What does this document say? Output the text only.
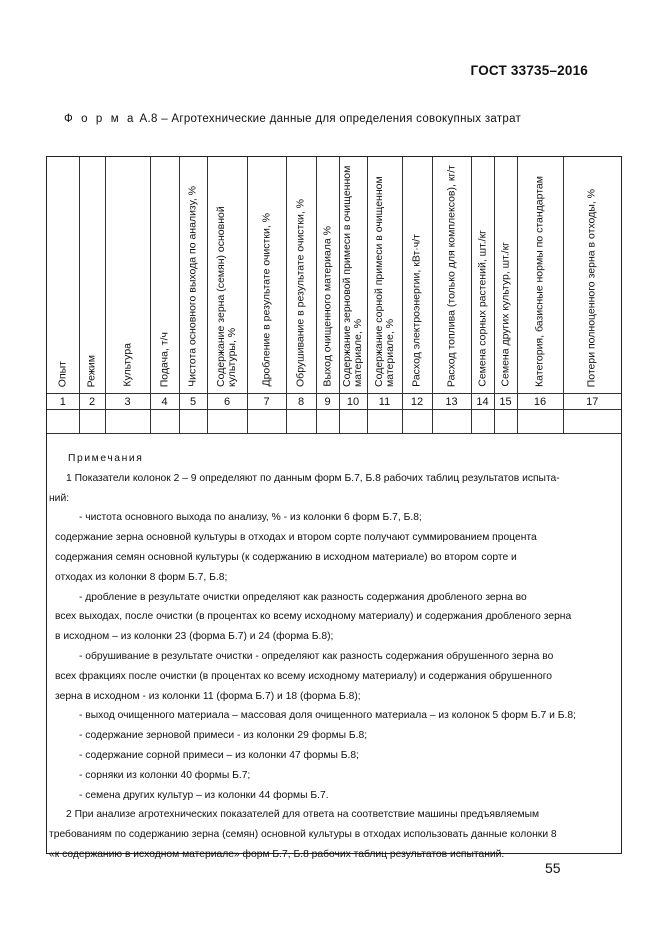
ГОСТ 33735–2016
Ф о р м а А.8 – Агротехнические данные для определения совокупных затрат
Опыт	Режим	Культура	Подача, т/ч	Чистота основного выхода по анализу, %	Содержание зерна (семян) основной культуры, %	Дробление в результате очистки, %	Обрушивание в результате очистки, %	Выход очищенного материала %	Содержание зерновой примеси в очищенном материале, %	Содержание сорной примеси в очищенном материале, %	Расход электроэнергии, кВт·ч/т	Расход топлива (только для комплексов), кг/т	Семена сорных растений, шт./кг	Семена других культур, шт./кг	Категория, базисные нормы по стандартам	Потери полноценного зерна в отходы, %

1	2	3	4	5	6	7	8	9	10	11	12	13	14	15	16	17

Примечания

1 Показатели колонок 2 – 9 определяют по данным форм Б.7, Б.8 рабочих таблиц результатов испыта-

ний:

- чистота основного выхода по анализу, % - из колонки 6 форм Б.7, Б.8;

содержание зерна основной культуры в отходах и втором сорте получают суммированием процента

содержания семян основной культуры (к содержанию в исходном материале) во втором сорте и

отходах из колонки 8 форм Б.7, Б.8;

- дробление в результате очистки определяют как разность содержания дробленого зерна во

всех выходах, после очистки (в процентах ко всему исходному материалу) и содержания дробленого зерна

в исходном – из колонки 23 (форма Б.7) и 24 (форма Б.8);

- обрушивание в результате очистки - определяют как разность содержания обрушенного зерна во

всех фракциях после очистки (в процентах ко всему исходному материалу) и содержания обрушенного

зерна в исходном - из колонки 11 (форма Б.7) и 18 (форма Б.8);

- выход очищенного материала – массовая доля очищенного материала – из колонок 5 форм Б.7 и Б.8;

- содержание зерновой примеси - из колонки 29 формы Б.8;

- содержание сорной примеси – из колонки 47 формы Б.8;

- сорняки из колонки 40 формы Б.7;

- семена других культур – из колонки 44 формы Б.7.

2 При анализе агротехнических показателей для ответа на соответствие машины предъявляемым

требованиям по содержанию зерна (семян) основной культуры в отходах использовать данные колонки 8

«к содержанию в исходном материале» форм Б.7, Б.8 рабочих таблиц результатов испытаний.

55
